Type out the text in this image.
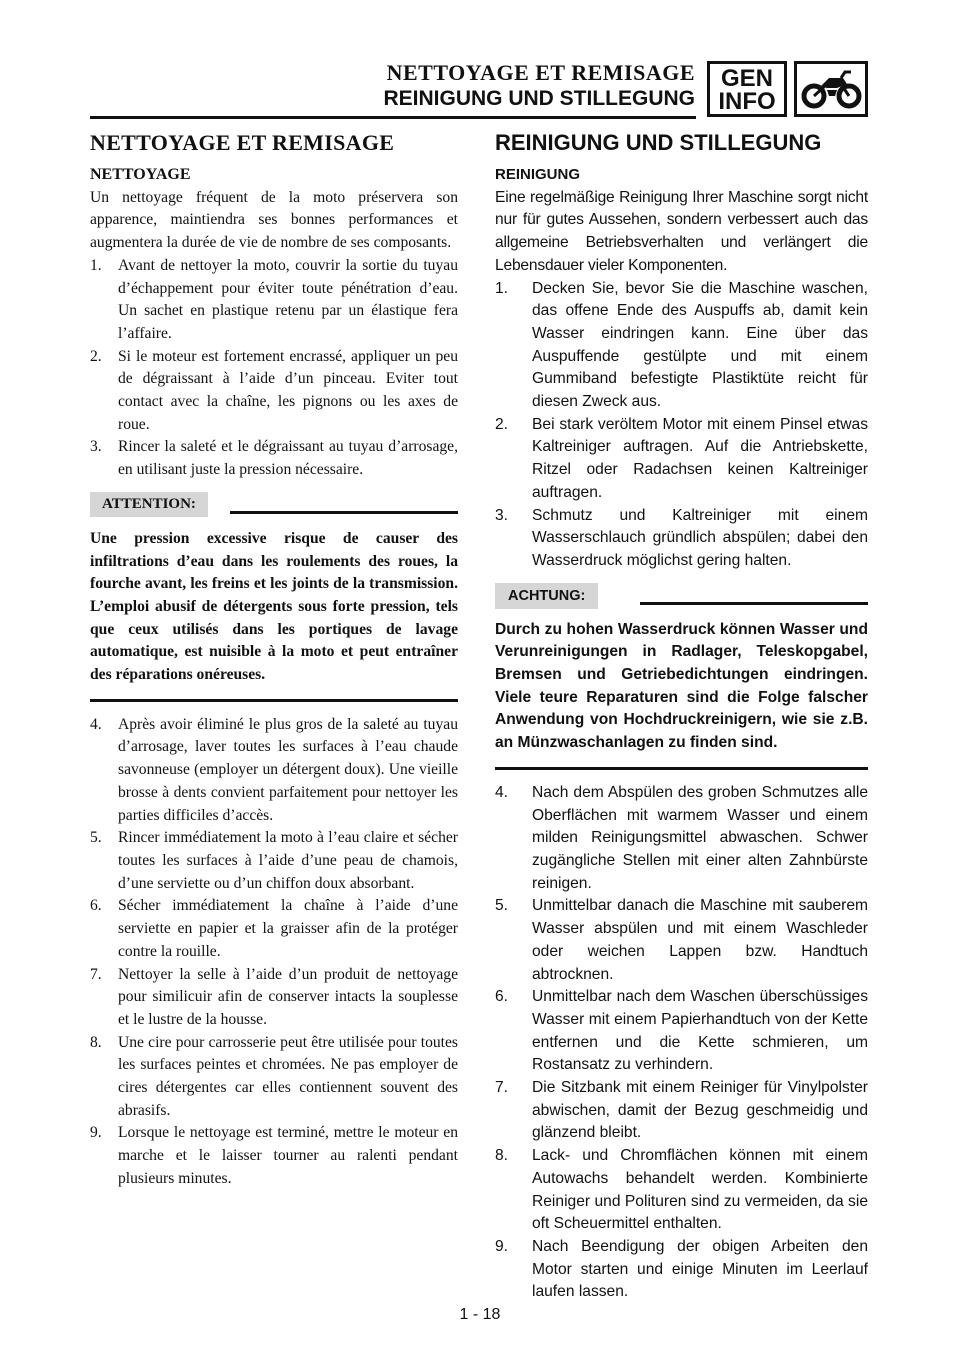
NETTOYAGE ET REMISAGE
REINIGUNG UND STILLEGUNG
GEN
INFO
NETTOYAGE ET REMISAGE

NETTOYAGE

Un nettoyage fréquent de la moto préservera son apparence, maintiendra ses bonnes performances et augmentera la durée de vie de nombre de ses composants.

1. Avant de nettoyer la moto, couvrir la sortie du tuyau d’échappement pour éviter toute pénétration d’eau. Un sachet en plastique retenu par un élastique fera l’affaire.
2. Si le moteur est fortement encrassé, appliquer un peu de dégraissant à l’aide d’un pinceau. Eviter tout contact avec la chaîne, les pignons ou les axes de roue.
3. Rincer la saleté et le dégraissant au tuyau d’arrosage, en utilisant juste la pression nécessaire.
ATTENTION:

Une pression excessive risque de causer des infiltrations d’eau dans les roulements des roues, la fourche avant, les freins et les joints de la transmission. L’emploi abusif de détergents sous forte pression, tels que ceux utilisés dans les portiques de lavage automatique, est nuisible à la moto et peut entraîner des réparations onéreuses.

4. Après avoir éliminé le plus gros de la saleté au tuyau d’arrosage, laver toutes les surfaces à l’eau chaude savonneuse (employer un détergent doux). Une vieille brosse à dents convient parfaitement pour nettoyer les parties difficiles d’accès.
5. Rincer immédiatement la moto à l’eau claire et sécher toutes les surfaces à l’aide d’une peau de chamois, d’une serviette ou d’un chiffon doux absorbant.
6. Sécher immédiatement la chaîne à l’aide d’une serviette en papier et la graisser afin de la protéger contre la rouille.
7. Nettoyer la selle à l’aide d’un produit de nettoyage pour similicuir afin de conserver intacts la souplesse et le lustre de la housse.
8. Une cire pour carrosserie peut être utilisée pour toutes les surfaces peintes et chromées. Ne pas employer de cires détergentes car elles contiennent souvent des abrasifs.
9. Lorsque le nettoyage est terminé, mettre le moteur en marche et le laisser tourner au ralenti pendant plusieurs minutes.
REINIGUNG UND STILLEGUNG

REINIGUNG

Eine regelmäßige Reinigung Ihrer Maschine sorgt nicht nur für gutes Aussehen, sondern verbessert auch das allgemeine Betriebsverhalten und verlängert die Lebensdauer vieler Komponenten.

1. Decken Sie, bevor Sie die Maschine waschen, das offene Ende des Auspuffs ab, damit kein Wasser eindringen kann. Eine über das Auspuffende gestülpte und mit einem Gummiband befestigte Plastiktüte reicht für diesen Zweck aus.
2. Bei stark veröltem Motor mit einem Pinsel etwas Kaltreiniger auftragen. Auf die Antriebskette, Ritzel oder Radachsen keinen Kaltreiniger auftragen.
3. Schmutz und Kaltreiniger mit einem Wasserschlauch gründlich abspülen; dabei den Wasserdruck möglichst gering halten.
ACHTUNG:

Durch zu hohen Wasserdruck können Wasser und Verunreinigungen in Radlager, Teleskopgabel, Bremsen und Getriebedichtungen eindringen. Viele teure Reparaturen sind die Folge falscher Anwendung von Hochdruckreinigern, wie sie z.B. an Münzwaschanlagen zu finden sind.

4. Nach dem Abspülen des groben Schmutzes alle Oberflächen mit warmem Wasser und einem milden Reinigungsmittel abwaschen. Schwer zugängliche Stellen mit einer alten Zahnbürste reinigen.
5. Unmittelbar danach die Maschine mit sauberem Wasser abspülen und mit einem Waschleder oder weichen Lappen bzw. Handtuch abtrocknen.
6. Unmittelbar nach dem Waschen überschüssiges Wasser mit einem Papierhandtuch von der Kette entfernen und die Kette schmieren, um Rostansatz zu verhindern.
7. Die Sitzbank mit einem Reiniger für Vinylpolster abwischen, damit der Bezug geschmeidig und glänzend bleibt.
8. Lack- und Chromflächen können mit einem Autowachs behandelt werden. Kombinierte Reiniger und Polituren sind zu vermeiden, da sie oft Scheuermittel enthalten.
9. Nach Beendigung der obigen Arbeiten den Motor starten und einige Minuten im Leerlauf laufen lassen.
1 - 18
